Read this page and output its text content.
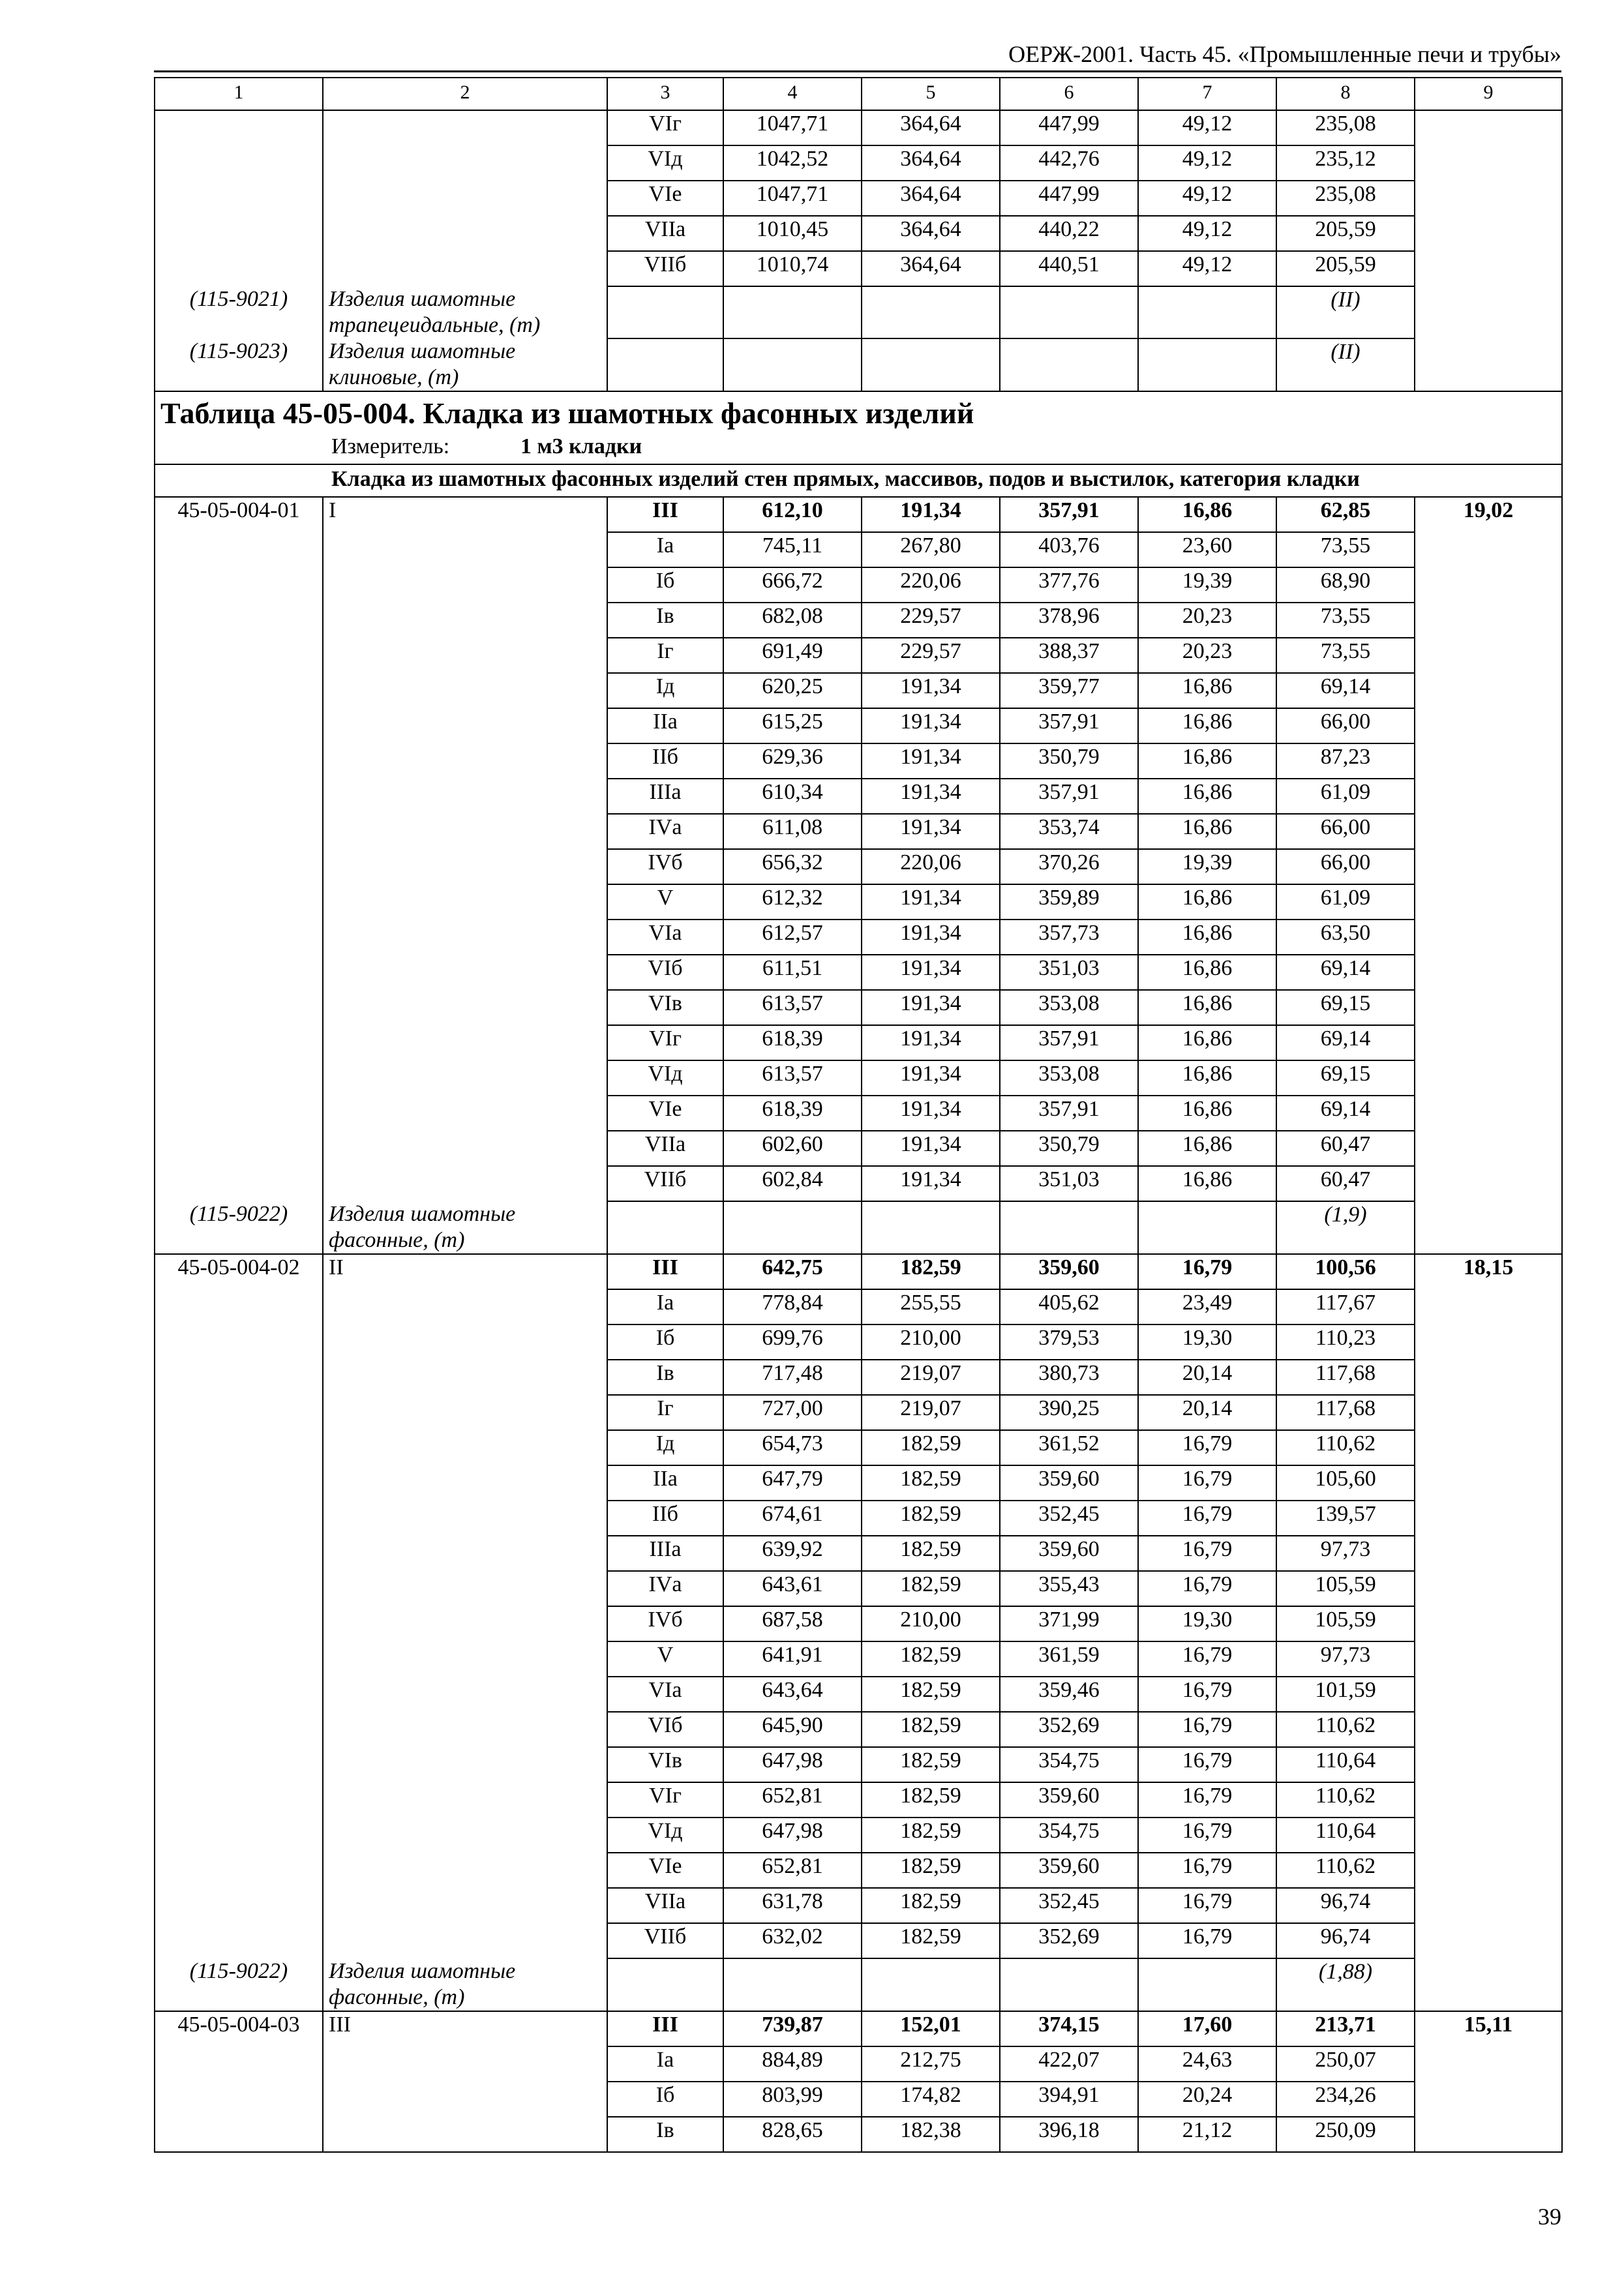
ОЕРЖ-2001. Часть 45. «Промышленные печи и трубы»
1	2	3	4	5	6	7	8	9
		VIг	1047,71	364,64	447,99	49,12	235,08	
		VIд	1042,52	364,64	442,76	49,12	235,12	
		VIе	1047,71	364,64	447,99	49,12	235,08	
		VIIа	1010,45	364,64	440,22	49,12	205,59	
		VIIб	1010,74	364,64	440,51	49,12	205,59	
(115-9021)	Изделия шамотные трапецеидальные, (т)						(II)	
(115-9023)	Изделия шамотные клиновые, (т)						(II)	

Таблица 45-05-004. Кладка из шамотных фасонных изделий
Измеритель: 1 м3 кладки								

Кладка из шамотных фасонных изделий стен прямых, массивов, подов и выстилок, категория кладки								
45-05-004-01	I	III	612,10	191,34	357,91	16,86	62,85	19,02
		Iа	745,11	267,80	403,76	23,60	73,55	
		Iб	666,72	220,06	377,76	19,39	68,90	
		Iв	682,08	229,57	378,96	20,23	73,55	
		Iг	691,49	229,57	388,37	20,23	73,55	
		Iд	620,25	191,34	359,77	16,86	69,14	
		IIа	615,25	191,34	357,91	16,86	66,00	
		IIб	629,36	191,34	350,79	16,86	87,23	
		IIIа	610,34	191,34	357,91	16,86	61,09	
		IVа	611,08	191,34	353,74	16,86	66,00	
		IVб	656,32	220,06	370,26	19,39	66,00	
		V	612,32	191,34	359,89	16,86	61,09	
		VIа	612,57	191,34	357,73	16,86	63,50	
		VIб	611,51	191,34	351,03	16,86	69,14	
		VIв	613,57	191,34	353,08	16,86	69,15	
		VIг	618,39	191,34	357,91	16,86	69,14	
		VIд	613,57	191,34	353,08	16,86	69,15	
		VIе	618,39	191,34	357,91	16,86	69,14	
		VIIа	602,60	191,34	350,79	16,86	60,47	
		VIIб	602,84	191,34	351,03	16,86	60,47	
(115-9022)	Изделия шамотные фасонные, (т)						(1,9)	
45-05-004-02	II	III	642,75	182,59	359,60	16,79	100,56	18,15
		Iа	778,84	255,55	405,62	23,49	117,67	
		Iб	699,76	210,00	379,53	19,30	110,23	
		Iв	717,48	219,07	380,73	20,14	117,68	
		Iг	727,00	219,07	390,25	20,14	117,68	
		Iд	654,73	182,59	361,52	16,79	110,62	
		IIа	647,79	182,59	359,60	16,79	105,60	
		IIб	674,61	182,59	352,45	16,79	139,57	
		IIIа	639,92	182,59	359,60	16,79	97,73	
		IVа	643,61	182,59	355,43	16,79	105,59	
		IVб	687,58	210,00	371,99	19,30	105,59	
		V	641,91	182,59	361,59	16,79	97,73	
		VIа	643,64	182,59	359,46	16,79	101,59	
		VIб	645,90	182,59	352,69	16,79	110,62	
		VIв	647,98	182,59	354,75	16,79	110,64	
		VIг	652,81	182,59	359,60	16,79	110,62	
		VIд	647,98	182,59	354,75	16,79	110,64	
		VIе	652,81	182,59	359,60	16,79	110,62	
		VIIа	631,78	182,59	352,45	16,79	96,74	
		VIIб	632,02	182,59	352,69	16,79	96,74	
(115-9022)	Изделия шамотные фасонные, (т)						(1,88)	
45-05-004-03	III	III	739,87	152,01	374,15	17,60	213,71	15,11
		Iа	884,89	212,75	422,07	24,63	250,07	
		Iб	803,99	174,82	394,91	20,24	234,26	
		Iв	828,65	182,38	396,18	21,12	250,09	
39
